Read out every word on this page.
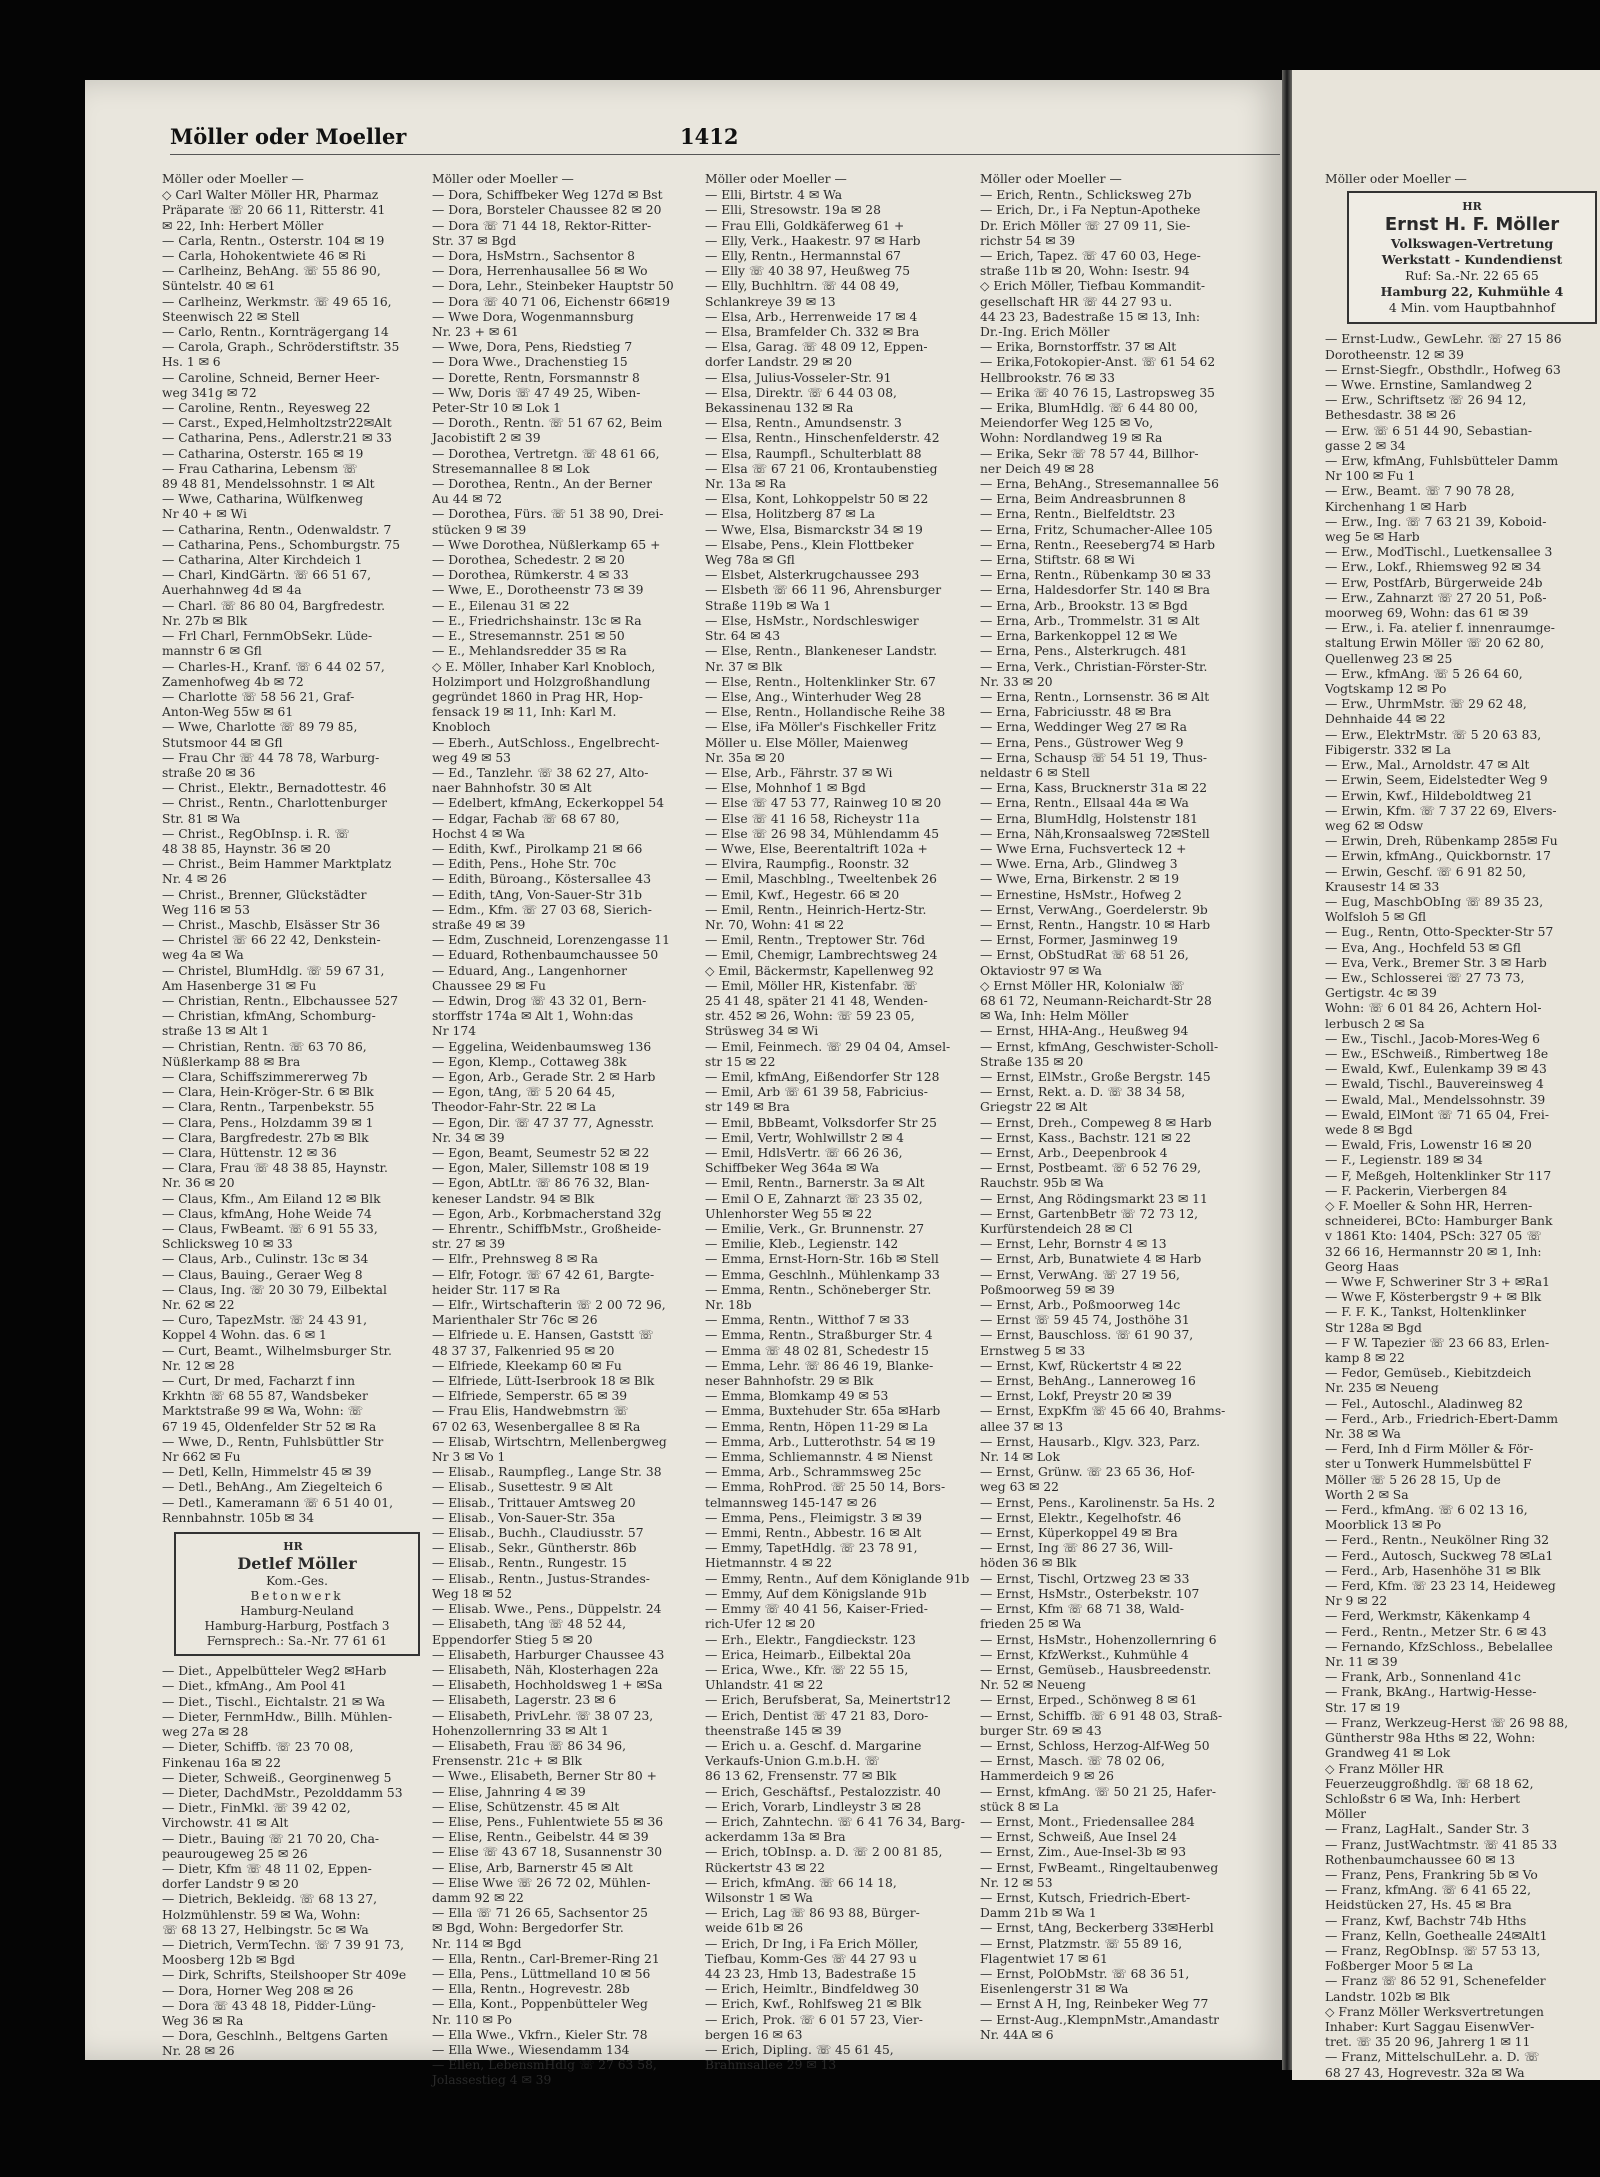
Möller oder Moeller	1412
Möller oder Moeller —
◇ Carl Walter Möller HR, Pharmaz
Präparate ☏ 20 66 11, Ritterstr. 41
✉ 22, Inh: Herbert Möller
— Carla, Rentn., Osterstr. 104 ✉ 19
— Carla, Hohokentwiete 46 ✉ Ri
— Carlheinz, BehAng. ☏ 55 86 90,
Süntelstr. 40 ✉ 61
— Carlheinz, Werkmstr. ☏ 49 65 16,
Steenwisch 22 ✉ Stell
— Carlo, Rentn., Kornträgergang 14
— Carola, Graph., Schröderstiftstr. 35
Hs. 1 ✉ 6
— Caroline, Schneid, Berner Heer-
weg 341g ✉ 72
— Caroline, Rentn., Reyesweg 22
— Carst., Exped,Helmholtzstr22✉Alt
— Catharina, Pens., Adlerstr.21 ✉ 33
— Catharina, Osterstr. 165 ✉ 19
— Frau Catharina, Lebensm ☏
89 48 81, Mendelssohnstr. 1 ✉ Alt
— Wwe, Catharina, Wülfkenweg
Nr 40 + ✉ Wi
— Catharina, Rentn., Odenwaldstr. 7
— Catharina, Pens., Schomburgstr. 75
— Catharina, Alter Kirchdeich 1
— Charl, KindGärtn. ☏ 66 51 67,
Auerhahnweg 4d ✉ 4a
— Charl. ☏ 86 80 04, Bargfredestr.
Nr. 27b ✉ Blk
— Frl Charl, FernmObSekr. Lüde-
mannstr 6 ✉ Gfl
— Charles-H., Kranf. ☏ 6 44 02 57,
Zamenhofweg 4b ✉ 72
— Charlotte ☏ 58 56 21, Graf-
Anton-Weg 55w ✉ 61
— Wwe, Charlotte ☏ 89 79 85,
Stutsmoor 44 ✉ Gfl
— Frau Chr ☏ 44 78 78, Warburg-
straße 20 ✉ 36
— Christ., Elektr., Bernadottestr. 46
— Christ., Rentn., Charlottenburger
Str. 81 ✉ Wa
— Christ., RegObInsp. i. R. ☏
48 38 85, Haynstr. 36 ✉ 20
— Christ., Beim Hammer Marktplatz
Nr. 4 ✉ 26
— Christ., Brenner, Glückstädter
Weg 116 ✉ 53
— Christ., Maschb, Elsässer Str 36
— Christel ☏ 66 22 42, Denkstein-
weg 4a ✉ Wa
— Christel, BlumHdlg. ☏ 59 67 31,
Am Hasenberge 31 ✉ Fu
— Christian, Rentn., Elbchaussee 527
— Christian, kfmAng, Schomburg-
straße 13 ✉ Alt 1
— Christian, Rentn. ☏ 63 70 86,
Nüßlerkamp 88 ✉ Bra
— Clara, Schiffszimmererweg 7b
— Clara, Hein-Kröger-Str. 6 ✉ Blk
— Clara, Rentn., Tarpenbekstr. 55
— Clara, Pens., Holzdamm 39 ✉ 1
— Clara, Bargfredestr. 27b ✉ Blk
— Clara, Hüttenstr. 12 ✉ 36
— Clara, Frau ☏ 48 38 85, Haynstr.
Nr. 36 ✉ 20
— Claus, Kfm., Am Eiland 12 ✉ Blk
— Claus, kfmAng, Hohe Weide 74
— Claus, FwBeamt. ☏ 6 91 55 33,
Schlicksweg 10 ✉ 33
— Claus, Arb., Culinstr. 13c ✉ 34
— Claus, Bauing., Geraer Weg 8
— Claus, Ing. ☏ 20 30 79, Eilbektal
Nr. 62 ✉ 22
— Curo, TapezMstr. ☏ 24 43 91,
Koppel 4 Wohn. das. 6 ✉ 1
— Curt, Beamt., Wilhelmsburger Str.
Nr. 12 ✉ 28
— Curt, Dr med, Facharzt f inn
Krkhtn ☏ 68 55 87, Wandsbeker
Marktstraße 99 ✉ Wa, Wohn: ☏
67 19 45, Oldenfelder Str 52 ✉ Ra
— Wwe, D., Rentn, Fuhlsbüttler Str
Nr 662 ✉ Fu
— Detl, Kelln, Himmelstr 45 ✉ 39
— Detl., BehAng., Am Ziegelteich 6
— Detl., Kameramann ☏ 6 51 40 01,
Rennbahnstr. 105b ✉ 34
HR
Detlef Möller
Kom.-Ges.
Betonwerk
Hamburg-Neuland
Hamburg-Harburg, Postfach 3
Fernsprech.: Sa.-Nr. 77 61 61
— Diet., Appelbütteler Weg2 ✉Harb
— Diet., kfmAng., Am Pool 41
— Diet., Tischl., Eichtalstr. 21 ✉ Wa
— Dieter, FernmHdw., Billh. Mühlen-
weg 27a ✉ 28
— Dieter, Schiffb. ☏ 23 70 08,
Finkenau 16a ✉ 22
— Dieter, Schweiß., Georginenweg 5
— Dieter, DachdMstr., Pezolddamm 53
— Dietr., FinMkl. ☏ 39 42 02,
Virchowstr. 41 ✉ Alt
— Dietr., Bauing ☏ 21 70 20, Cha-
peaurougeweg 25 ✉ 26
— Dietr, Kfm ☏ 48 11 02, Eppen-
dorfer Landstr 9 ✉ 20
— Dietrich, Bekleidg. ☏ 68 13 27,
Holzmühlenstr. 59 ✉ Wa, Wohn:
☏ 68 13 27, Helbingstr. 5c ✉ Wa
— Dietrich, VermTechn. ☏ 7 39 91 73,
Moosberg 12b ✉ Bgd
— Dirk, Schrifts, Steilshooper Str 409e
— Dora, Horner Weg 208 ✉ 26
— Dora ☏ 43 48 18, Pidder-Lüng-
Weg 36 ✉ Ra
— Dora, Geschlnh., Beltgens Garten
Nr. 28 ✉ 26
Möller oder Moeller —
— Dora, Schiffbeker Weg 127d ✉ Bst
— Dora, Borsteler Chaussee 82 ✉ 20
— Dora ☏ 71 44 18, Rektor-Ritter-
Str. 37 ✉ Bgd
— Dora, HsMstrn., Sachsentor 8
— Dora, Herrenhausallee 56 ✉ Wo
— Dora, Lehr., Steinbeker Hauptstr 50
— Dora ☏ 40 71 06, Eichenstr 66✉19
— Wwe Dora, Wogenmannsburg
Nr. 23 + ✉ 61
— Wwe, Dora, Pens, Riedstieg 7
— Dora Wwe., Drachenstieg 15
— Dorette, Rentn, Forsmannstr 8
— Ww, Doris ☏ 47 49 25, Wiben-
Peter-Str 10 ✉ Lok 1
— Doroth., Rentn. ☏ 51 67 62, Beim
Jacobistift 2 ✉ 39
— Dorothea, Vertretgn. ☏ 48 61 66,
Stresemannallee 8 ✉ Lok
— Dorothea, Rentn., An der Berner
Au 44 ✉ 72
— Dorothea, Fürs. ☏ 51 38 90, Drei-
stücken 9 ✉ 39
— Wwe Dorothea, Nüßlerkamp 65 +
— Dorothea, Schedestr. 2 ✉ 20
— Dorothea, Rümkerstr. 4 ✉ 33
— Wwe, E., Dorotheenstr 73 ✉ 39
— E., Eilenau 31 ✉ 22
— E., Friedrichshainstr. 13c ✉ Ra
— E., Stresemannstr. 251 ✉ 50
— E., Mehlandsredder 35 ✉ Ra
◇ E. Möller, Inhaber Karl Knobloch,
Holzimport und Holzgroßhandlung
gegründet 1860 in Prag HR, Hop-
fensack 19 ✉ 11, Inh: Karl M.
Knobloch
— Eberh., AutSchloss., Engelbrecht-
weg 49 ✉ 53
— Ed., Tanzlehr. ☏ 38 62 27, Alto-
naer Bahnhofstr. 30 ✉ Alt
— Edelbert, kfmAng, Eckerkoppel 54
— Edgar, Fachab ☏ 68 67 80,
Hochst 4 ✉ Wa
— Edith, Kwf., Pirolkamp 21 ✉ 66
— Edith, Pens., Hohe Str. 70c
— Edith, Büroang., Köstersallee 43
— Edith, tAng, Von-Sauer-Str 31b
— Edm., Kfm. ☏ 27 03 68, Sierich-
straße 49 ✉ 39
— Edm, Zuschneid, Lorenzengasse 11
— Eduard, Rothenbaumchaussee 50
— Eduard, Ang., Langenhorner
Chaussee 29 ✉ Fu
— Edwin, Drog ☏ 43 32 01, Bern-
storffstr 174a ✉ Alt 1, Wohn:das
Nr 174
— Eggelina, Weidenbaumsweg 136
— Egon, Klemp., Cottaweg 38k
— Egon, Arb., Gerade Str. 2 ✉ Harb
— Egon, tAng, ☏ 5 20 64 45,
Theodor-Fahr-Str. 22 ✉ La
— Egon, Dir. ☏ 47 37 77, Agnesstr.
Nr. 34 ✉ 39
— Egon, Beamt, Seumestr 52 ✉ 22
— Egon, Maler, Sillemstr 108 ✉ 19
— Egon, AbtLtr. ☏ 86 76 32, Blan-
keneser Landstr. 94 ✉ Blk
— Egon, Arb., Korbmacherstand 32g
— Ehrentr., SchiffbMstr., Großheide-
str. 27 ✉ 39
— Elfr., Prehnsweg 8 ✉ Ra
— Elfr, Fotogr. ☏ 67 42 61, Bargte-
heider Str. 117 ✉ Ra
— Elfr., Wirtschafterin ☏ 2 00 72 96,
Marienthaler Str 76c ✉ 26
— Elfriede u. E. Hansen, Gaststt ☏
48 37 37, Falkenried 95 ✉ 20
— Elfriede, Kleekamp 60 ✉ Fu
— Elfriede, Lütt-Iserbrook 18 ✉ Blk
— Elfriede, Semperstr. 65 ✉ 39
— Frau Elis, Handwebmstrn ☏
67 02 63, Wesenbergallee 8 ✉ Ra
— Elisab, Wirtschtrn, Mellenbergweg
Nr 3 ✉ Vo 1
— Elisab., Raumpfleg., Lange Str. 38
— Elisab., Susettestr. 9 ✉ Alt
— Elisab., Trittauer Amtsweg 20
— Elisab., Von-Sauer-Str. 35a
— Elisab., Buchh., Claudiusstr. 57
— Elisab., Sekr., Güntherstr. 86b
— Elisab., Rentn., Rungestr. 15
— Elisab., Rentn., Justus-Strandes-
Weg 18 ✉ 52
— Elisab. Wwe., Pens., Düppelstr. 24
— Elisabeth, tAng ☏ 48 52 44,
Eppendorfer Stieg 5 ✉ 20
— Elisabeth, Harburger Chaussee 43
— Elisabeth, Näh, Klosterhagen 22a
— Elisabeth, Hochholdsweg 1 + ✉Sa
— Elisabeth, Lagerstr. 23 ✉ 6
— Elisabeth, PrivLehr. ☏ 38 07 23,
Hohenzollernring 33 ✉ Alt 1
— Elisabeth, Frau ☏ 86 34 96,
Frensenstr. 21c + ✉ Blk
— Wwe., Elisabeth, Berner Str 80 +
— Elise, Jahnring 4 ✉ 39
— Elise, Schützenstr. 45 ✉ Alt
— Elise, Pens., Fuhlentwiete 55 ✉ 36
— Elise, Rentn., Geibelstr. 44 ✉ 39
— Elise ☏ 43 67 18, Susannenstr 30
— Elise, Arb, Barnerstr 45 ✉ Alt
— Elise Wwe ☏ 26 72 02, Mühlen-
damm 92 ✉ 22
— Ella ☏ 71 26 65, Sachsentor 25
✉ Bgd, Wohn: Bergedorfer Str.
Nr. 114 ✉ Bgd
— Ella, Rentn., Carl-Bremer-Ring 21
— Ella, Pens., Lüttmelland 10 ✉ 56
— Ella, Rentn., Hogrevestr. 28b
— Ella, Kont., Poppenbütteler Weg
Nr. 110 ✉ Po
— Ella Wwe., Vkfrn., Kieler Str. 78
— Ella Wwe., Wiesendamm 134
— Ellen, LebensmHdlg ☏ 27 63 58,
Jolassestieg 4 ✉ 39
Möller oder Moeller —
— Elli, Birtstr. 4 ✉ Wa
— Elli, Stresowstr. 19a ✉ 28
— Frau Elli, Goldkäferweg 61 +
— Elly, Verk., Haakestr. 97 ✉ Harb
— Elly, Rentn., Hermannstal 67
— Elly ☏ 40 38 97, Heußweg 75
— Elly, Buchhltrn. ☏ 44 08 49,
Schlankreye 39 ✉ 13
— Elsa, Arb., Herrenweide 17 ✉ 4
— Elsa, Bramfelder Ch. 332 ✉ Bra
— Elsa, Garag. ☏ 48 09 12, Eppen-
dorfer Landstr. 29 ✉ 20
— Elsa, Julius-Vosseler-Str. 91
— Elsa, Direktr. ☏ 6 44 03 08,
Bekassinenau 132 ✉ Ra
— Elsa, Rentn., Amundsenstr. 3
— Elsa, Rentn., Hinschenfelderstr. 42
— Elsa, Raumpfl., Schulterblatt 88
— Elsa ☏ 67 21 06, Krontaubenstieg
Nr. 13a ✉ Ra
— Elsa, Kont, Lohkoppelstr 50 ✉ 22
— Elsa, Holitzberg 87 ✉ La
— Wwe, Elsa, Bismarckstr 34 ✉ 19
— Elsabe, Pens., Klein Flottbeker
Weg 78a ✉ Gfl
— Elsbet, Alsterkrugchaussee 293
— Elsbeth ☏ 66 11 96, Ahrensburger
Straße 119b ✉ Wa 1
— Else, HsMstr., Nordschleswiger
Str. 64 ✉ 43
— Else, Rentn., Blankeneser Landstr.
Nr. 37 ✉ Blk
— Else, Rentn., Holtenklinker Str. 67
— Else, Ang., Winterhuder Weg 28
— Else, Rentn., Hollandische Reihe 38
— Else, iFa Möller's Fischkeller Fritz
Möller u. Else Möller, Maienweg
Nr. 35a ✉ 20
— Else, Arb., Fährstr. 37 ✉ Wi
— Else, Mohnhof 1 ✉ Bgd
— Else ☏ 47 53 77, Rainweg 10 ✉ 20
— Else ☏ 41 16 58, Richeystr 11a
— Else ☏ 26 98 34, Mühlendamm 45
— Wwe, Else, Beerentaltrift 102a +
— Elvira, Raumpfig., Roonstr. 32
— Emil, Maschblng., Tweeltenbek 26
— Emil, Kwf., Hegestr. 66 ✉ 20
— Emil, Rentn., Heinrich-Hertz-Str.
Nr. 70, Wohn: 41 ✉ 22
— Emil, Rentn., Treptower Str. 76d
— Emil, Chemigr, Lambrechtsweg 24
◇ Emil, Bäckermstr, Kapellenweg 92
— Emil, Möller HR, Kistenfabr. ☏
25 41 48, später 21 41 48, Wenden-
str. 452 ✉ 26, Wohn: ☏ 59 23 05,
Strüsweg 34 ✉ Wi
— Emil, Feinmech. ☏ 29 04 04, Amsel-
str 15 ✉ 22
— Emil, kfmAng, Eißendorfer Str 128
— Emil, Arb ☏ 61 39 58, Fabricius-
str 149 ✉ Bra
— Emil, BbBeamt, Volksdorfer Str 25
— Emil, Vertr, Wohlwillstr 2 ✉ 4
— Emil, HdlsVertr. ☏ 66 26 36,
Schiffbeker Weg 364a ✉ Wa
— Emil, Rentn., Barnerstr. 3a ✉ Alt
— Emil O E, Zahnarzt ☏ 23 35 02,
Uhlenhorster Weg 55 ✉ 22
— Emilie, Verk., Gr. Brunnenstr. 27
— Emilie, Kleb., Legienstr. 142
— Emma, Ernst-Horn-Str. 16b ✉ Stell
— Emma, Geschlnh., Mühlenkamp 33
— Emma, Rentn., Schöneberger Str.
Nr. 18b
— Emma, Rentn., Witthof 7 ✉ 33
— Emma, Rentn., Straßburger Str. 4
— Emma ☏ 48 02 81, Schedestr 15
— Emma, Lehr. ☏ 86 46 19, Blanke-
neser Bahnhofstr. 29 ✉ Blk
— Emma, Blomkamp 49 ✉ 53
— Emma, Buxtehuder Str. 65a ✉Harb
— Emma, Rentn, Höpen 11-29 ✉ La
— Emma, Arb., Lutterothstr. 54 ✉ 19
— Emma, Schliemannstr. 4 ✉ Nienst
— Emma, Arb., Schrammsweg 25c
— Emma, RohProd. ☏ 25 50 14, Bors-
telmannsweg 145-147 ✉ 26
— Emma, Pens., Fleimigstr. 3 ✉ 39
— Emmi, Rentn., Abbestr. 16 ✉ Alt
— Emmy, TapetHdlg. ☏ 23 78 91,
Hietmannstr. 4 ✉ 22
— Emmy, Rentn., Auf dem Königlande 91b
— Emmy, Auf dem Königslande 91b
— Emmy ☏ 40 41 56, Kaiser-Fried-
rich-Ufer 12 ✉ 20
— Erh., Elektr., Fangdieckstr. 123
— Erica, Heimarb., Eilbektal 20a
— Erica, Wwe., Kfr. ☏ 22 55 15,
Uhlandstr. 41 ✉ 22
— Erich, Berufsberat, Sa, Meinertstr12
— Erich, Dentist ☏ 47 21 83, Doro-
theenstraße 145 ✉ 39
— Erich u. a. Geschf. d. Margarine
Verkaufs-Union G.m.b.H. ☏
86 13 62, Frensenstr. 77 ✉ Blk
— Erich, Geschäftsf., Pestalozzistr. 40
— Erich, Vorarb, Lindleystr 3 ✉ 28
— Erich, Zahntechn. ☏ 6 41 76 34, Barg-
ackerdamm 13a ✉ Bra
— Erich, tObInsp. a. D. ☏ 2 00 81 85,
Rückertstr 43 ✉ 22
— Erich, kfmAng. ☏ 66 14 18,
Wilsonstr 1 ✉ Wa
— Erich, Lag ☏ 86 93 88, Bürger-
weide 61b ✉ 26
— Erich, Dr Ing, i Fa Erich Möller,
Tiefbau, Komm-Ges ☏ 44 27 93 u
44 23 23, Hmb 13, Badestraße 15
— Erich, Heimltr., Bindfeldweg 30
— Erich, Kwf., Rohlfsweg 21 ✉ Blk
— Erich, Prok. ☏ 6 01 57 23, Vier-
bergen 16 ✉ 63
— Erich, Dipling. ☏ 45 61 45,
Brahmsallee 29 ✉ 13
Möller oder Moeller —
— Erich, Rentn., Schlicksweg 27b
— Erich, Dr., i Fa Neptun-Apotheke
Dr. Erich Möller ☏ 27 09 11, Sie-
richstr 54 ✉ 39
— Erich, Tapez. ☏ 47 60 03, Hege-
straße 11b ✉ 20, Wohn: Isestr. 94
◇ Erich Möller, Tiefbau Kommandit-
gesellschaft HR ☏ 44 27 93 u.
44 23 23, Badestraße 15 ✉ 13, Inh:
Dr.-Ing. Erich Möller
— Erika, Bornstorffstr. 37 ✉ Alt
— Erika,Fotokopier-Anst. ☏ 61 54 62
Hellbrookstr. 76 ✉ 33
— Erika ☏ 40 76 15, Lastropsweg 35
— Erika, BlumHdlg. ☏ 6 44 80 00,
Meiendorfer Weg 125 ✉ Vo,
Wohn: Nordlandweg 19 ✉ Ra
— Erika, Sekr ☏ 78 57 44, Billhor-
ner Deich 49 ✉ 28
— Erna, BehAng., Stresemannallee 56
— Erna, Beim Andreasbrunnen 8
— Erna, Rentn., Bielfeldtstr. 23
— Erna, Fritz, Schumacher-Allee 105
— Erna, Rentn., Reeseberg74 ✉ Harb
— Erna, Stiftstr. 68 ✉ Wi
— Erna, Rentn., Rübenkamp 30 ✉ 33
— Erna, Haldesdorfer Str. 140 ✉ Bra
— Erna, Arb., Brookstr. 13 ✉ Bgd
— Erna, Arb., Trommelstr. 31 ✉ Alt
— Erna, Barkenkoppel 12 ✉ We
— Erna, Pens., Alsterkrugch. 481
— Erna, Verk., Christian-Förster-Str.
Nr. 33 ✉ 20
— Erna, Rentn., Lornsenstr. 36 ✉ Alt
— Erna, Fabriciusstr. 48 ✉ Bra
— Erna, Weddinger Weg 27 ✉ Ra
— Erna, Pens., Güstrower Weg 9
— Erna, Schausp ☏ 54 51 19, Thus-
neldastr 6 ✉ Stell
— Erna, Kass, Brucknerstr 31a ✉ 22
— Erna, Rentn., Ellsaal 44a ✉ Wa
— Erna, BlumHdlg, Holstenstr 181
— Erna, Näh,Kronsaalsweg 72✉Stell
— Wwe Erna, Fuchsverteck 12 +
— Wwe. Erna, Arb., Glindweg 3
— Wwe, Erna, Birkenstr. 2 ✉ 19
— Ernestine, HsMstr., Hofweg 2
— Ernst, VerwAng., Goerdelerstr. 9b
— Ernst, Rentn., Hangstr. 10 ✉ Harb
— Ernst, Former, Jasminweg 19
— Ernst, ObStudRat ☏ 68 51 26,
Oktaviostr 97 ✉ Wa
◇ Ernst Möller HR, Kolonialw ☏
68 61 72, Neumann-Reichardt-Str 28
✉ Wa, Inh: Helm Möller
— Ernst, HHA-Ang., Heußweg 94
— Ernst, kfmAng, Geschwister-Scholl-
Straße 135 ✉ 20
— Ernst, ElMstr., Große Bergstr. 145
— Ernst, Rekt. a. D. ☏ 38 34 58,
Griegstr 22 ✉ Alt
— Ernst, Dreh., Compeweg 8 ✉ Harb
— Ernst, Kass., Bachstr. 121 ✉ 22
— Ernst, Arb., Deepenbrook 4
— Ernst, Postbeamt. ☏ 6 52 76 29,
Rauchstr. 95b ✉ Wa
— Ernst, Ang Rödingsmarkt 23 ✉ 11
— Ernst, GartenbBetr ☏ 72 73 12,
Kurfürstendeich 28 ✉ Cl
— Ernst, Lehr, Bornstr 4 ✉ 13
— Ernst, Arb, Bunatwiete 4 ✉ Harb
— Ernst, VerwAng. ☏ 27 19 56,
Poßmoorweg 59 ✉ 39
— Ernst, Arb., Poßmoorweg 14c
— Ernst ☏ 59 45 74, Josthöhe 31
— Ernst, Bauschloss. ☏ 61 90 37,
Ernstweg 5 ✉ 33
— Ernst, Kwf, Rückertstr 4 ✉ 22
— Ernst, BehAng., Lanneroweg 16
— Ernst, Lokf, Preystr 20 ✉ 39
— Ernst, ExpKfm ☏ 45 66 40, Brahms-
allee 37 ✉ 13
— Ernst, Hausarb., Klgv. 323, Parz.
Nr. 14 ✉ Lok
— Ernst, Grünw. ☏ 23 65 36, Hof-
weg 63 ✉ 22
— Ernst, Pens., Karolinenstr. 5a Hs. 2
— Ernst, Elektr., Kegelhofstr. 46
— Ernst, Küperkoppel 49 ✉ Bra
— Ernst, Ing ☏ 86 27 36, Will-
höden 36 ✉ Blk
— Ernst, Tischl, Ortzweg 23 ✉ 33
— Ernst, HsMstr., Osterbekstr. 107
— Ernst, Kfm ☏ 68 71 38, Wald-
frieden 25 ✉ Wa
— Ernst, HsMstr., Hohenzollernring 6
— Ernst, KfzWerkst., Kuhmühle 4
— Ernst, Gemüseb., Hausbreedenstr.
Nr. 52 ✉ Neueng
— Ernst, Erped., Schönweg 8 ✉ 61
— Ernst, Schiffb. ☏ 6 91 48 03, Straß-
burger Str. 69 ✉ 43
— Ernst, Schloss, Herzog-Alf-Weg 50
— Ernst, Masch. ☏ 78 02 06,
Hammerdeich 9 ✉ 26
— Ernst, kfmAng. ☏ 50 21 25, Hafer-
stück 8 ✉ La
— Ernst, Mont., Friedensallee 284
— Ernst, Schweiß, Aue Insel 24
— Ernst, Zim., Aue-Insel-3b ✉ 93
— Ernst, FwBeamt., Ringeltaubenweg
Nr. 12 ✉ 53
— Ernst, Kutsch, Friedrich-Ebert-
Damm 21b ✉ Wa 1
— Ernst, tAng, Beckerberg 33✉Herbl
— Ernst, Platzmstr. ☏ 55 89 16,
Flagentwiet 17 ✉ 61
— Ernst, PolObMstr. ☏ 68 36 51,
Eisenlengerstr 31 ✉ Wa
— Ernst A H, Ing, Reinbeker Weg 77
— Ernst-Aug.,KlempnMstr.,Amandastr
Nr. 44A ✉ 6
Möller oder Moeller —
HR
Ernst H. F. Möller
Volkswagen-Vertretung
Werkstatt - Kundendienst
Ruf: Sa.-Nr. 22 65 65
Hamburg 22, Kuhmühle 4
4 Min. vom Hauptbahnhof
— Ernst-Ludw., GewLehr. ☏ 27 15 86
Dorotheenstr. 12 ✉ 39
— Ernst-Siegfr., Obsthdlr., Hofweg 63
— Wwe. Ernstine, Samlandweg 2
— Erw., Schriftsetz ☏ 26 94 12,
Bethesdastr. 38 ✉ 26
— Erw. ☏ 6 51 44 90, Sebastian-
gasse 2 ✉ 34
— Erw, kfmAng, Fuhlsbütteler Damm
Nr 100 ✉ Fu 1
— Erw., Beamt. ☏ 7 90 78 28,
Kirchenhang 1 ✉ Harb
— Erw., Ing. ☏ 7 63 21 39, Koboid-
weg 5e ✉ Harb
— Erw., ModTischl., Luetkensallee 3
— Erw., Lokf., Rhiemsweg 92 ✉ 34
— Erw, PostfArb, Bürgerweide 24b
— Erw., Zahnarzt ☏ 27 20 51, Poß-
moorweg 69, Wohn: das 61 ✉ 39
— Erw., i. Fa. atelier f. innenraumge-
staltung Erwin Möller ☏ 20 62 80,
Quellenweg 23 ✉ 25
— Erw., kfmAng. ☏ 5 26 64 60,
Vogtskamp 12 ✉ Po
— Erw., UhrmMstr. ☏ 29 62 48,
Dehnhaide 44 ✉ 22
— Erw., ElektrMstr. ☏ 5 20 63 83,
Fibigerstr. 332 ✉ La
— Erw., Mal., Arnoldstr. 47 ✉ Alt
— Erwin, Seem, Eidelstedter Weg 9
— Erwin, Kwf., Hildeboldtweg 21
— Erwin, Kfm. ☏ 7 37 22 69, Elvers-
weg 62 ✉ Odsw
— Erwin, Dreh, Rübenkamp 285✉ Fu
— Erwin, kfmAng., Quickbornstr. 17
— Erwin, Geschf. ☏ 6 91 82 50,
Krausestr 14 ✉ 33
— Eug, MaschbObIng ☏ 89 35 23,
Wolfsloh 5 ✉ Gfl
— Eug., Rentn, Otto-Speckter-Str 57
— Eva, Ang., Hochfeld 53 ✉ Gfl
— Eva, Verk., Bremer Str. 3 ✉ Harb
— Ew., Schlosserei ☏ 27 73 73,
Gertigstr. 4c ✉ 39
Wohn: ☏ 6 01 84 26, Achtern Hol-
lerbusch 2 ✉ Sa
— Ew., Tischl., Jacob-Mores-Weg 6
— Ew., ESchweiß., Rimbertweg 18e
— Ewald, Kwf., Eulenkamp 39 ✉ 43
— Ewald, Tischl., Bauvereinsweg 4
— Ewald, Mal., Mendelssohnstr. 39
— Ewald, ElMont ☏ 71 65 04, Frei-
wede 8 ✉ Bgd
— Ewald, Fris, Lowenstr 16 ✉ 20
— F., Legienstr. 189 ✉ 34
— F, Meßgeh, Holtenklinker Str 117
— F. Packerin, Vierbergen 84
◇ F. Moeller & Sohn HR, Herren-
schneiderei, BCto: Hamburger Bank
v 1861 Kto: 1404, PSch: 327 05 ☏
32 66 16, Hermannstr 20 ✉ 1, Inh:
Georg Haas
— Wwe F, Schweriner Str 3 + ✉Ra1
— Wwe F, Kösterbergstr 9 + ✉ Blk
— F. F. K., Tankst, Holtenklinker
Str 128a ✉ Bgd
— F W. Tapezier ☏ 23 66 83, Erlen-
kamp 8 ✉ 22
— Fedor, Gemüseb., Kiebitzdeich
Nr. 235 ✉ Neueng
— Fel., Autoschl., Aladinweg 82
— Ferd., Arb., Friedrich-Ebert-Damm
Nr. 38 ✉ Wa
— Ferd, Inh d Firm Möller & För-
ster u Tonwerk Hummelsbüttel F
Möller ☏ 5 26 28 15, Up de
Worth 2 ✉ Sa
— Ferd., kfmAng. ☏ 6 02 13 16,
Moorblick 13 ✉ Po
— Ferd., Rentn., Neukölner Ring 32
— Ferd., Autosch, Suckweg 78 ✉La1
— Ferd., Arb, Hasenhöhe 31 ✉ Blk
— Ferd, Kfm. ☏ 23 23 14, Heideweg
Nr 9 ✉ 22
— Ferd, Werkmstr, Käkenkamp 4
— Ferd., Rentn., Metzer Str. 6 ✉ 43
— Fernando, KfzSchloss., Bebelallee
Nr. 11 ✉ 39
— Frank, Arb., Sonnenland 41c
— Frank, BkAng., Hartwig-Hesse-
Str. 17 ✉ 19
— Franz, Werkzeug-Herst ☏ 26 98 88,
Güntherstr 98a Hths ✉ 22, Wohn:
Grandweg 41 ✉ Lok
◇ Franz Möller HR
Feuerzeuggroßhdlg. ☏ 68 18 62,
Schloßstr 6 ✉ Wa, Inh: Herbert
Möller
— Franz, LagHalt., Sander Str. 3
— Franz, JustWachtmstr. ☏ 41 85 33
Rothenbaumchaussee 60 ✉ 13
— Franz, Pens, Frankring 5b ✉ Vo
— Franz, kfmAng. ☏ 6 41 65 22,
Heidstücken 27, Hs. 45 ✉ Bra
— Franz, Kwf, Bachstr 74b Hths
— Franz, Kelln, Goethealle 24✉Alt1
— Franz, RegObInsp. ☏ 57 53 13,
Foßberger Moor 5 ✉ La
— Franz ☏ 86 52 91, Schenefelder
Landstr. 102b ✉ Blk
◇ Franz Möller Werksvertretungen
Inhaber: Kurt Saggau EisenwVer-
tret. ☏ 35 20 96, Jahrerg 1 ✉ 11
— Franz, MittelschulLehr. a. D. ☏
68 27 43, Hogrevestr. 32a ✉ Wa
